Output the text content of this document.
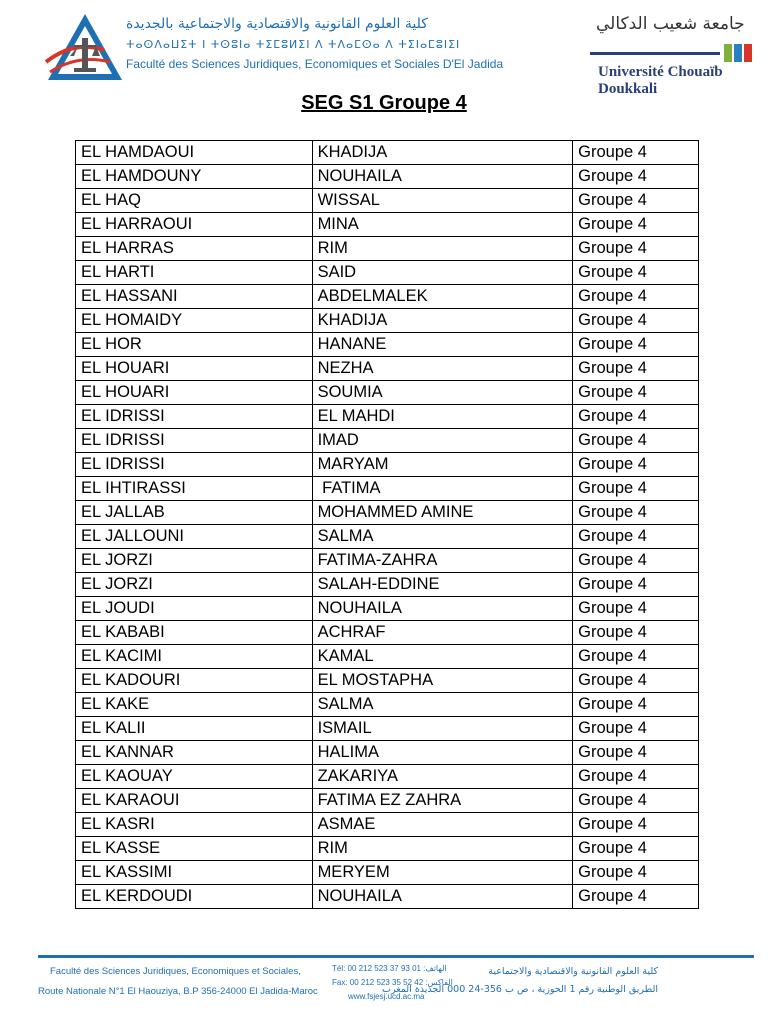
كلية العلوم القانونية والاقتصادية والاجتماعية بالجديدة
ⵜⴰⵙⴷⴰⵡⵉⵜ ⵏ ⵜⵙⵓⵏⴰ ⵜⵉⵎⵓⵍⵉⵏ ⴷ ⵜⴷⴰⵎⵙⴰ ⴷ ⵜⵉⵏⴰⵎⵓⵏⵉⵏ
Faculté des Sciences Juridiques, Economiques et Sociales D'El Jadida
جامعة شعيب الدكالي
Université Chouaïb Doukkali
SEG S1 Groupe 4
EL HAMDAOUI	KHADIJA	Groupe 4
EL HAMDOUNY	NOUHAILA	Groupe 4
EL HAQ	WISSAL	Groupe 4
EL HARRAOUI	MINA	Groupe 4
EL HARRAS	RIM	Groupe 4
EL HARTI	SAID	Groupe 4
EL HASSANI	ABDELMALEK	Groupe 4
EL HOMAIDY	KHADIJA	Groupe 4
EL HOR	HANANE	Groupe 4
EL HOUARI	NEZHA	Groupe 4
EL HOUARI	SOUMIA	Groupe 4
EL IDRISSI	EL MAHDI	Groupe 4
EL IDRISSI	IMAD	Groupe 4
EL IDRISSI	MARYAM	Groupe 4
EL IHTIRASSI	FATIMA	Groupe 4
EL JALLAB	MOHAMMED AMINE	Groupe 4
EL JALLOUNI	SALMA	Groupe 4
EL JORZI	FATIMA-ZAHRA	Groupe 4
EL JORZI	SALAH-EDDINE	Groupe 4
EL JOUDI	NOUHAILA	Groupe 4
EL KABABI	ACHRAF	Groupe 4
EL KACIMI	KAMAL	Groupe 4
EL KADOURI	EL MOSTAPHA	Groupe 4
EL KAKE	SALMA	Groupe 4
EL KALII	ISMAIL	Groupe 4
EL KANNAR	HALIMA	Groupe 4
EL KAOUAY	ZAKARIYA	Groupe 4
EL KARAOUI	FATIMA EZ ZAHRA	Groupe 4
EL KASRI	ASMAE	Groupe 4
EL KASSE	RIM	Groupe 4
EL KASSIMI	MERYEM	Groupe 4
EL KERDOUDI	NOUHAILA	Groupe 4
Faculté des Sciences Juridiques, Economiques et Sociales,
Route Nationale N°1 El Haouziya, B.P 356-24000 El Jadida-Maroc
Tél: 00 212 523 37 93 01 :الهاتف
Fax: 00 212 523 35 52 42 :الفاكس
www.fsjesj.ucd.ac.ma
كلية العلوم القانونية والاقتصادية والاجتماعية
الطريق الوطنية رقم 1 الحوزية ، ص ب 356-24 000 الجديدة المغرب
